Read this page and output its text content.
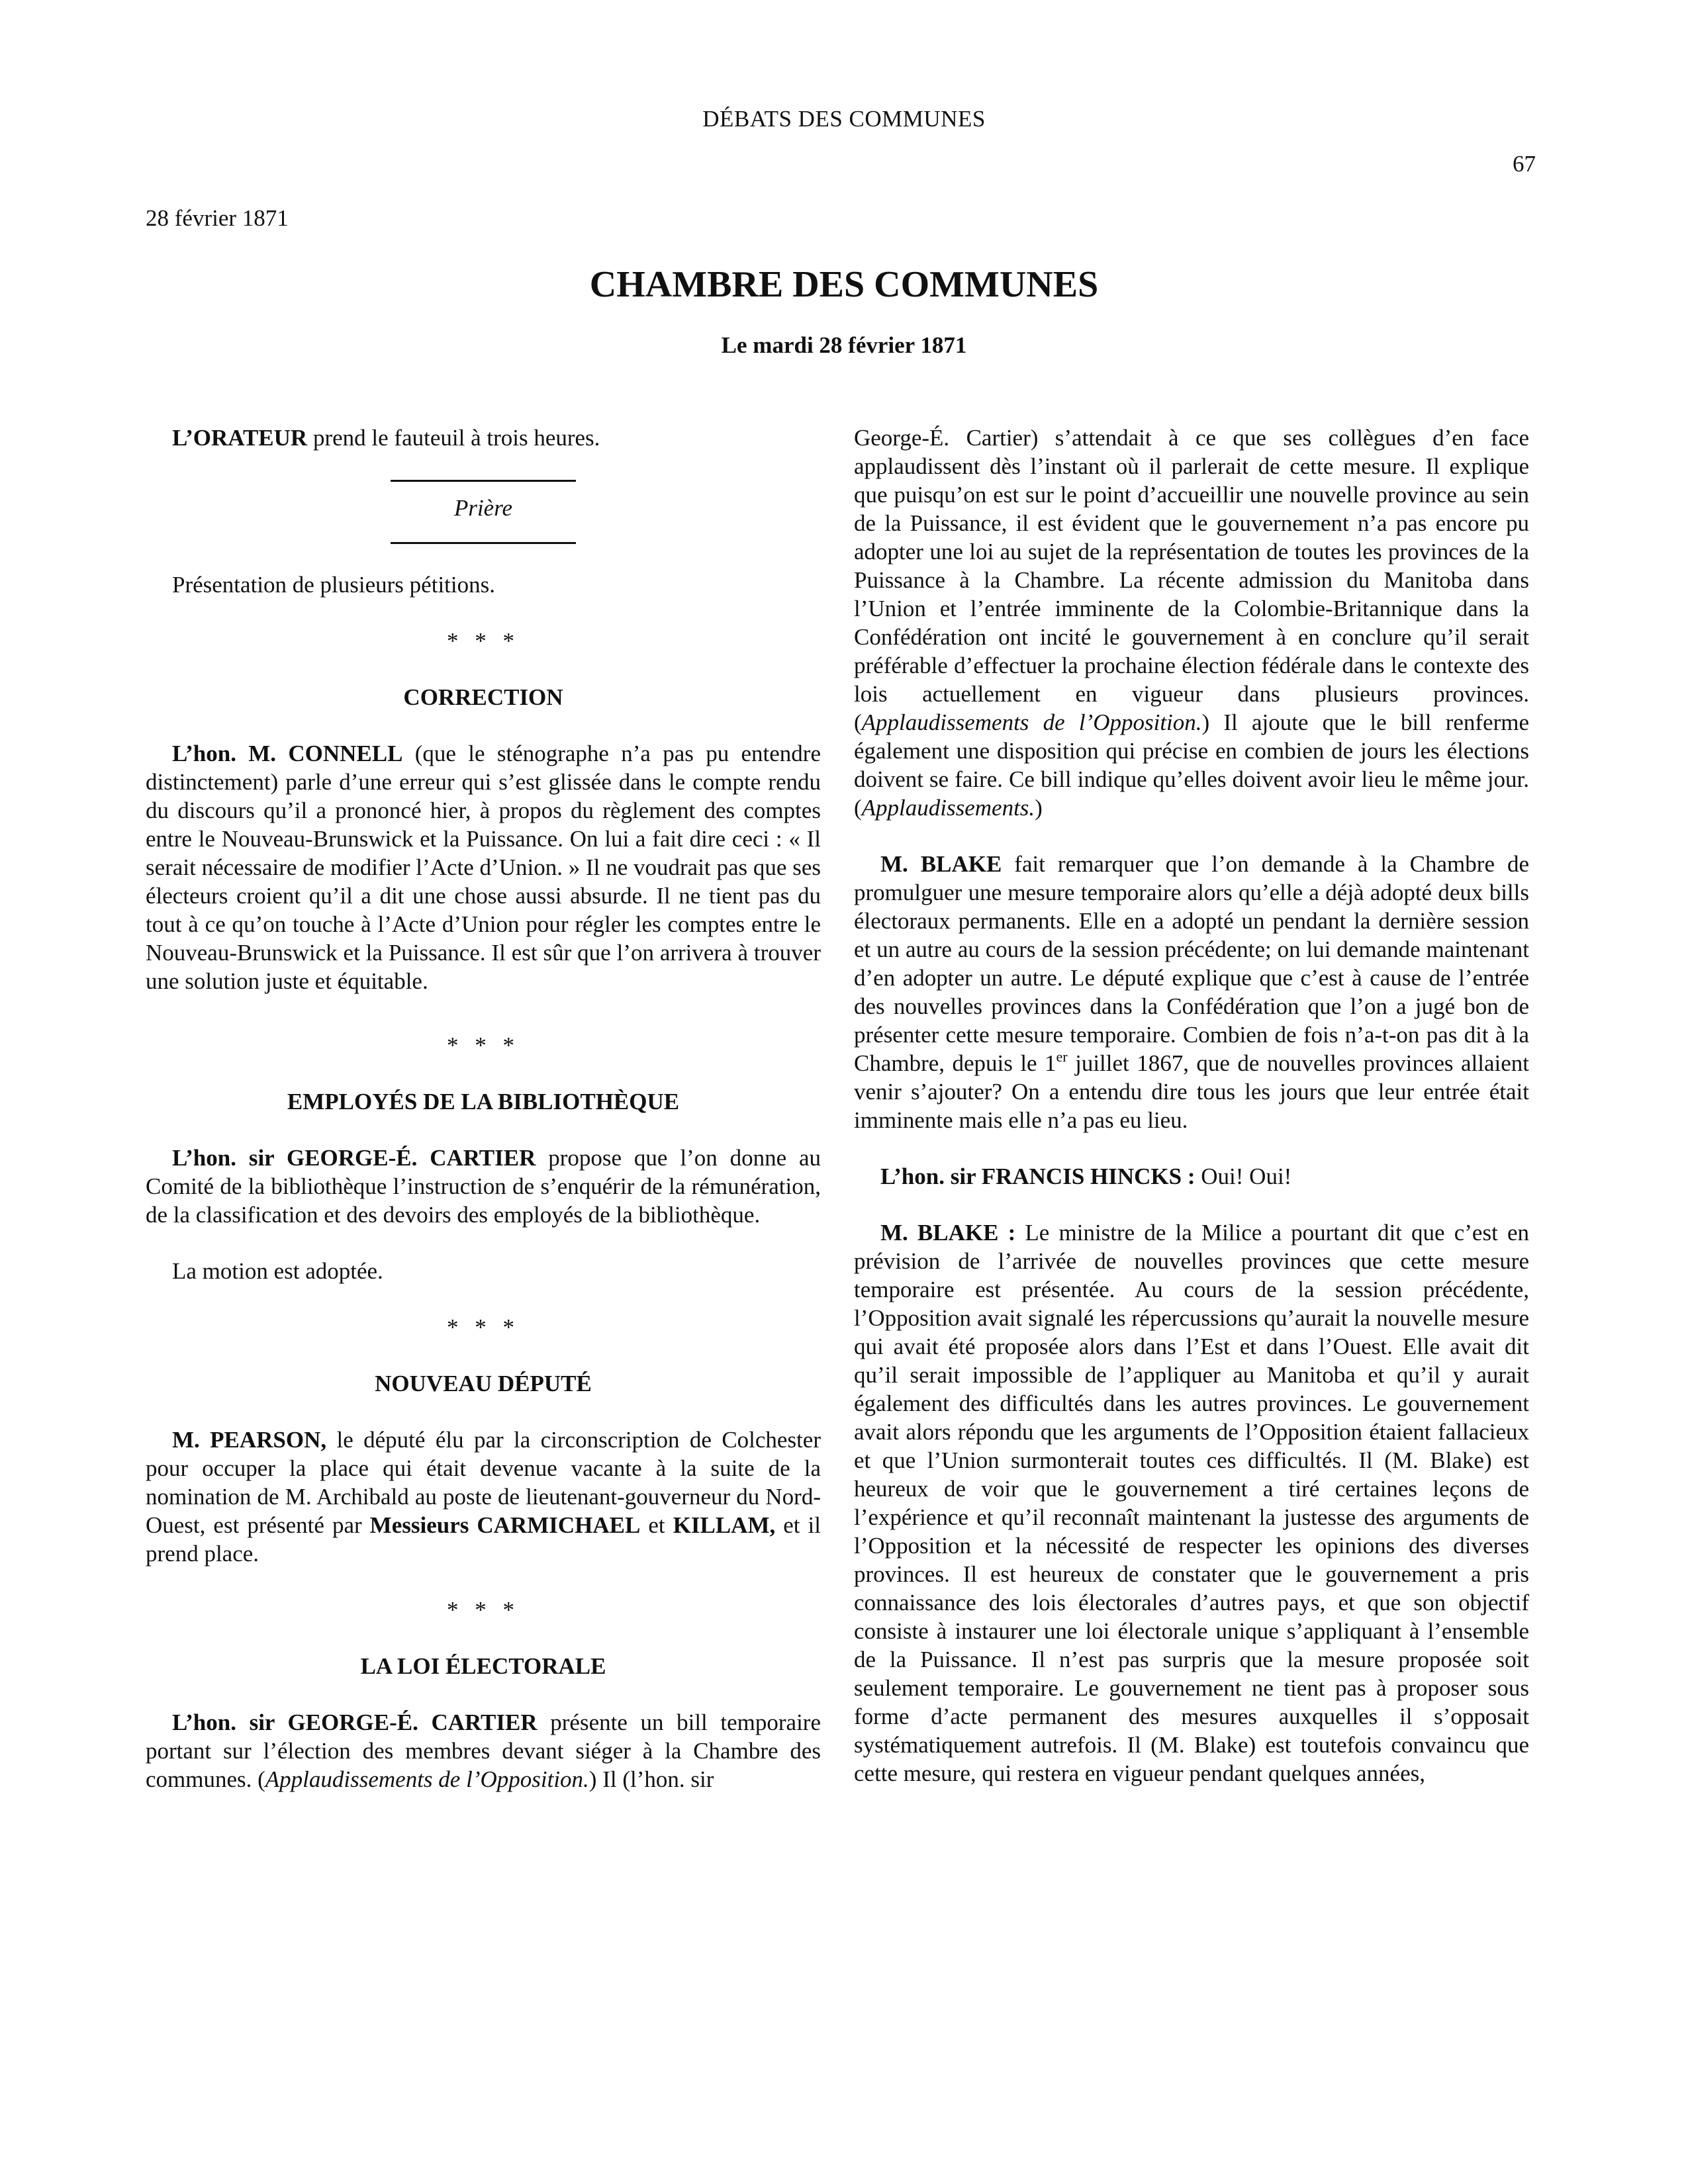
DÉBATS DES COMMUNES
67
28 février 1871
CHAMBRE DES COMMUNES
Le mardi 28 février 1871

L’ORATEUR prend le fauteuil à trois heures.

Prière

Présentation de plusieurs pétitions.

* * *
CORRECTION

L’hon. M. CONNELL (que le sténographe n’a pas pu entendre distinctement) parle d’une erreur qui s’est glissée dans le compte rendu du discours qu’il a prononcé hier, à propos du règlement des comptes entre le Nouveau-Brunswick et la Puissance. On lui a fait dire ceci : « Il serait nécessaire de modifier l’Acte d’Union. » Il ne voudrait pas que ses électeurs croient qu’il a dit une chose aussi absurde. Il ne tient pas du tout à ce qu’on touche à l’Acte d’Union pour régler les comptes entre le Nouveau-Brunswick et la Puissance. Il est sûr que l’on arrivera à trouver une solution juste et équitable.

* * *
EMPLOYÉS DE LA BIBLIOTHÈQUE

L’hon. sir GEORGE-É. CARTIER propose que l’on donne au Comité de la bibliothèque l’instruction de s’enquérir de la rémunération, de la classification et des devoirs des employés de la bibliothèque.

La motion est adoptée.

* * *
NOUVEAU DÉPUTÉ

M. PEARSON, le député élu par la circonscription de Colchester pour occuper la place qui était devenue vacante à la suite de la nomination de M. Archibald au poste de lieutenant-gouverneur du Nord-Ouest, est présenté par Messieurs CARMICHAEL et KILLAM, et il prend place.

* * *
LA LOI ÉLECTORALE

L’hon. sir GEORGE-É. CARTIER présente un bill temporaire portant sur l’élection des membres devant siéger à la Chambre des communes. (Applaudissements de l’Opposition.) Il (l’hon. sir

George-É. Cartier) s’attendait à ce que ses collègues d’en face applaudissent dès l’instant où il parlerait de cette mesure. Il explique que puisqu’on est sur le point d’accueillir une nouvelle province au sein de la Puissance, il est évident que le gouvernement n’a pas encore pu adopter une loi au sujet de la représentation de toutes les provinces de la Puissance à la Chambre. La récente admission du Manitoba dans l’Union et l’entrée imminente de la Colombie-Britannique dans la Confédération ont incité le gouvernement à en conclure qu’il serait préférable d’effectuer la prochaine élection fédérale dans le contexte des lois actuellement en vigueur dans plusieurs provinces. (Applaudissements de l’Opposition.) Il ajoute que le bill renferme également une disposition qui précise en combien de jours les élections doivent se faire. Ce bill indique qu’elles doivent avoir lieu le même jour. (Applaudissements.)

M. BLAKE fait remarquer que l’on demande à la Chambre de promulguer une mesure temporaire alors qu’elle a déjà adopté deux bills électoraux permanents. Elle en a adopté un pendant la dernière session et un autre au cours de la session précédente; on lui demande maintenant d’en adopter un autre. Le député explique que c’est à cause de l’entrée des nouvelles provinces dans la Confédération que l’on a jugé bon de présenter cette mesure temporaire. Combien de fois n’a-t-on pas dit à la Chambre, depuis le 1er juillet 1867, que de nouvelles provinces allaient venir s’ajouter? On a entendu dire tous les jours que leur entrée était imminente mais elle n’a pas eu lieu.

L’hon. sir FRANCIS HINCKS : Oui! Oui!

M. BLAKE : Le ministre de la Milice a pourtant dit que c’est en prévision de l’arrivée de nouvelles provinces que cette mesure temporaire est présentée. Au cours de la session précédente, l’Opposition avait signalé les répercussions qu’aurait la nouvelle mesure qui avait été proposée alors dans l’Est et dans l’Ouest. Elle avait dit qu’il serait impossible de l’appliquer au Manitoba et qu’il y aurait également des difficultés dans les autres provinces. Le gouvernement avait alors répondu que les arguments de l’Opposition étaient fallacieux et que l’Union surmonterait toutes ces difficultés. Il (M. Blake) est heureux de voir que le gouvernement a tiré certaines leçons de l’expérience et qu’il reconnaît maintenant la justesse des arguments de l’Opposition et la nécessité de respecter les opinions des diverses provinces. Il est heureux de constater que le gouvernement a pris connaissance des lois électorales d’autres pays, et que son objectif consiste à instaurer une loi électorale unique s’appliquant à l’ensemble de la Puissance. Il n’est pas surpris que la mesure proposée soit seulement temporaire. Le gouvernement ne tient pas à proposer sous forme d’acte permanent des mesures auxquelles il s’opposait systématiquement autrefois. Il (M. Blake) est toutefois convaincu que cette mesure, qui restera en vigueur pendant quelques années,
